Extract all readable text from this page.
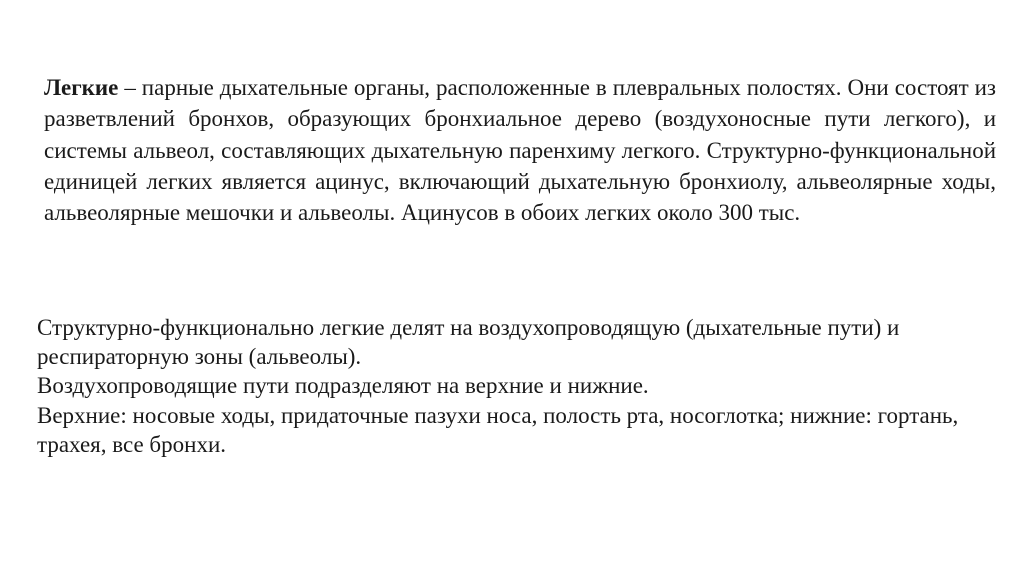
Легкие – парные дыхательные органы, расположенные в плевральных полостях. Они состоят из разветвлений бронхов, образующих бронхиальное дерево (воздухоносные пути легкого), и системы альвеол, составляющих дыхательную паренхиму легкого. Структурно-функциональной единицей легких является ацинус, включающий дыхательную бронхиолу, альвеолярные ходы, альвеолярные мешочки и альвеолы. Ацинусов в обоих легких около 300 тыс.

Структурно-функционально легкие делят на воздухопроводящую (дыхательные пути) и респираторную зоны (альвеолы).

Воздухопроводящие пути подразделяют на верхние и нижние.

Верхние: носовые ходы, придаточные пазухи носа, полость рта, носоглотка; нижние: гортань, трахея, все бронхи.
